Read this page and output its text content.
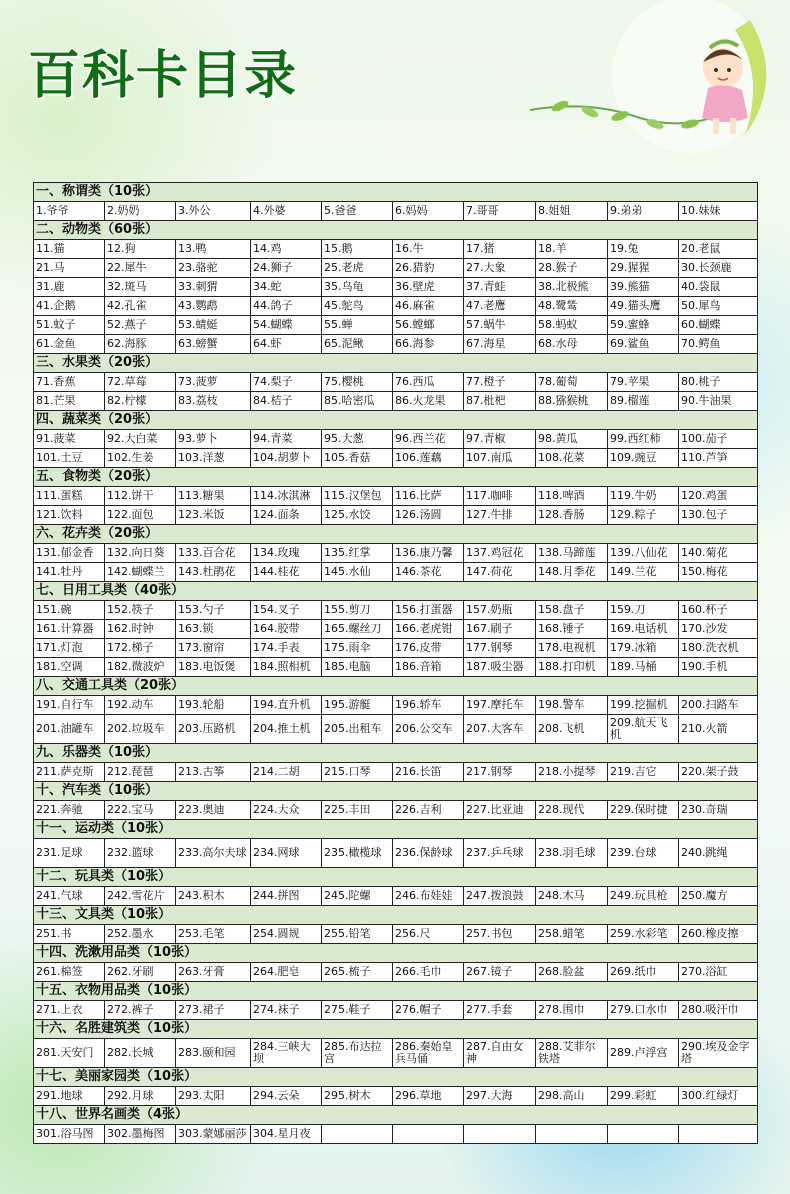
百科卡目录
一、称谓类（10张）									
1.爷爷	2.奶奶	3.外公	4.外婆	5.爸爸	6.妈妈	7.哥哥	8.姐姐	9.弟弟	10.妹妹
二、动物类（60张）									
11.猫	12.狗	13.鸭	14.鸡	15.鹅	16.牛	17.猪	18.羊	19.兔	20.老鼠
21.马	22.犀牛	23.骆驼	24.狮子	25.老虎	26.猎豹	27.大象	28.猴子	29.猩猩	30.长颈鹿
31.鹿	32.斑马	33.刺猬	34.蛇	35.乌龟	36.壁虎	37.青蛙	38.北极熊	39.熊猫	40.袋鼠
41.企鹅	42.孔雀	43.鹦鹉	44.鸽子	45.鸵鸟	46.麻雀	47.老鹰	48.鹭鸶	49.猫头鹰	50.犀鸟
51.蚊子	52.燕子	53.蜻蜓	54.蝴蝶	55.蝉	56.螳螂	57.蜗牛	58.蚂蚁	59.蜜蜂	60.蝴蝶
61.金鱼	62.海豚	63.螃蟹	64.虾	65.泥鳅	66.海参	67.海星	68.水母	69.鲨鱼	70.鳄鱼
三、水果类（20张）									
71.香蕉	72.草莓	73.菠萝	74.梨子	75.樱桃	76.西瓜	77.橙子	78.葡萄	79.苹果	80.桃子
81.芒果	82.柠檬	83.荔枝	84.桔子	85.哈密瓜	86.火龙果	87.枇杷	88.猕猴桃	89.榴莲	90.牛油果
四、蔬菜类（20张）									
91.菠菜	92.大白菜	93.萝卜	94.青菜	95.大葱	96.西兰花	97.青椒	98.黄瓜	99.西红柿	100.茄子
101.土豆	102.生姜	103.洋葱	104.胡萝卜	105.香菇	106.莲藕	107.南瓜	108.花菜	109.豌豆	110.芦笋
五、食物类（20张）									
111.蛋糕	112.饼干	113.糖果	114.冰淇淋	115.汉堡包	116.比萨	117.咖啡	118.啤酒	119.牛奶	120.鸡蛋
121.饮料	122.面包	123.米饭	124.面条	125.水饺	126.汤圆	127.牛排	128.香肠	129.粽子	130.包子
六、花卉类（20张）									
131.郁金香	132.向日葵	133.百合花	134.玫瑰	135.红掌	136.康乃馨	137.鸡冠花	138.马蹄莲	139.八仙花	140.菊花
141.牡丹	142.蝴蝶兰	143.杜鹃花	144.桂花	145.水仙	146.茶花	147.荷花	148.月季花	149.兰花	150.梅花
七、日用工具类（40张）									
151.碗	152.筷子	153.勺子	154.叉子	155.剪刀	156.打蛋器	157.奶瓶	158.盘子	159.刀	160.杯子
161.计算器	162.时钟	163.锁	164.胶带	165.螺丝刀	166.老虎钳	167.刷子	168.锤子	169.电话机	170.沙发
171.灯泡	172.梯子	173.窗帘	174.手表	175.雨伞	176.皮带	177.钢琴	178.电视机	179.冰箱	180.洗衣机
181.空调	182.微波炉	183.电饭煲	184.照相机	185.电脑	186.音箱	187.吸尘器	188.打印机	189.马桶	190.手机
八、交通工具类（20张）									
191.自行车	192.动车	193.轮船	194.直升机	195.游艇	196.轿车	197.摩托车	198.警车	199.挖掘机	200.扫路车
201.油罐车	202.垃圾车	203.压路机	204.推土机	205.出租车	206.公交车	207.大客车	208.飞机	209.航天飞机	210.火箭
九、乐器类（10张）									
211.萨克斯	212.琵琶	213.古筝	214.二胡	215.口琴	216.长笛	217.钢琴	218.小提琴	219.吉它	220.架子鼓
十、汽车类（10张）									
221.奔驰	222.宝马	223.奥迪	224.大众	225.丰田	226.吉利	227.比亚迪	228.现代	229.保时捷	230.奇瑞
十一、运动类（10张）									
231.足球	232.篮球	233.高尔夫球	234.网球	235.橄榄球	236.保龄球	237.乒乓球	238.羽毛球	239.台球	240.跳绳
十二、玩具类（10张）									
241.气球	242.雪花片	243.积木	244.拼图	245.陀螺	246.布娃娃	247.拨浪鼓	248.木马	249.玩具枪	250.魔方
十三、文具类（10张）									
251.书	252.墨水	253.毛笔	254.圆规	255.铅笔	256.尺	257.书包	258.蜡笔	259.水彩笔	260.橡皮擦
十四、洗漱用品类（10张）									
261.棉签	262.牙刷	263.牙膏	264.肥皂	265.梳子	266.毛巾	267.镜子	268.脸盆	269.纸巾	270.浴缸
十五、衣物用品类（10张）									
271.上衣	272.裤子	273.裙子	274.袜子	275.鞋子	276.帽子	277.手套	278.围巾	279.口水巾	280.吸汗巾
十六、名胜建筑类（10张）									
281.天安门	282.长城	283.颐和园	284.三峡大坝	285.布达拉宫	286.秦始皇兵马俑	287.自由女神	288.艾菲尔铁塔	289.卢浮宫	290.埃及金字塔
十七、美丽家园类（10张）									
291.地球	292.月球	293.太阳	294.云朵	295.树木	296.草地	297.大海	298.高山	299.彩虹	300.红绿灯
十八、世界名画类（4张）									
301.浴马图	302.墨梅图	303.蒙娜丽莎	304.星月夜						
